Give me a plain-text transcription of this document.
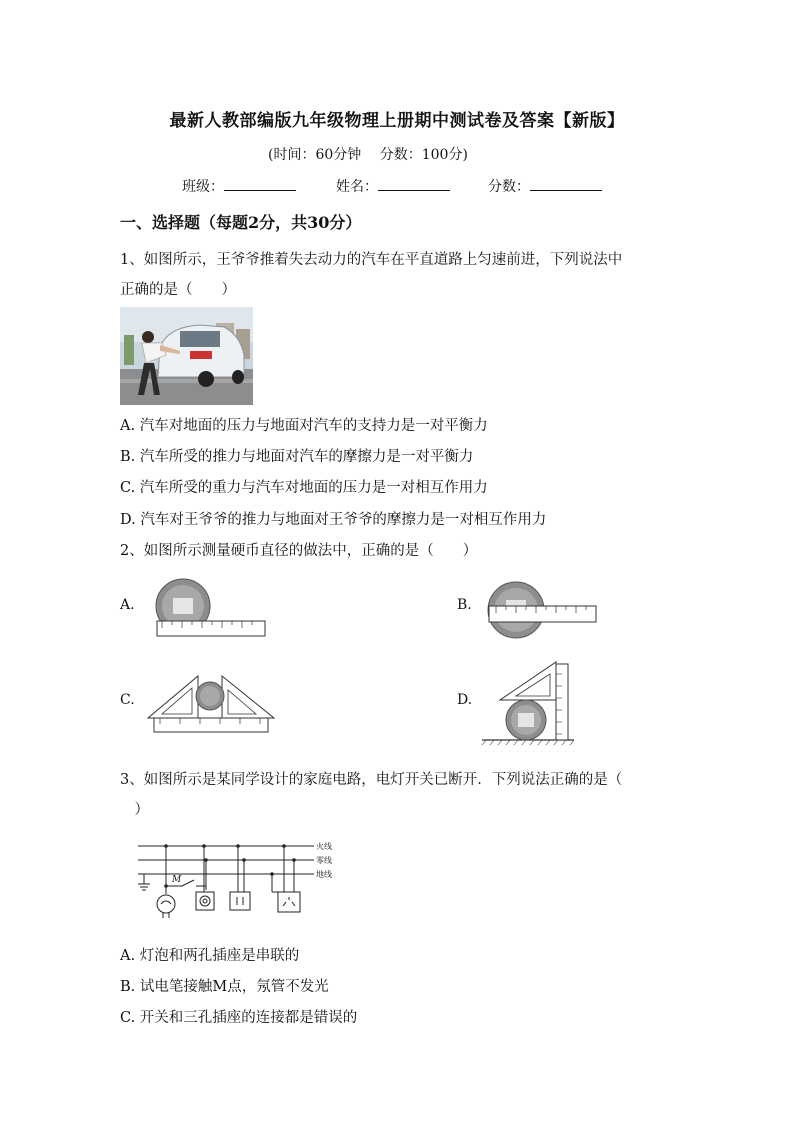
最新人教部编版九年级物理上册期中测试卷及答案【新版】
(时间：60分钟　 分数：100分)
班级：	姓名：	分数：
一、选择题（每题2分，共30分）
1、如图所示，王爷爷推着失去动力的汽车在平直道路上匀速前进，下列说法中
正确的是（　　）
A. 汽车对地面的压力与地面对汽车的支持力是一对平衡力
B. 汽车所受的推力与地面对汽车的摩擦力是一对平衡力
C. 汽车所受的重力与汽车对地面的压力是一对相互作用力
D. 汽车对王爷爷的推力与地面对王爷爷的摩擦力是一对相互作用力
2、如图所示测量硬币直径的做法中，正确的是（　　）
A.	B.
C.	D.
3、如图所示是某同学设计的家庭电路，电灯开关已断开．下列说法正确的是（
　）
M
火线
零线
地线
A. 灯泡和两孔插座是串联的
B. 试电笔接触M点，氖管不发光
C. 开关和三孔插座的连接都是错误的
